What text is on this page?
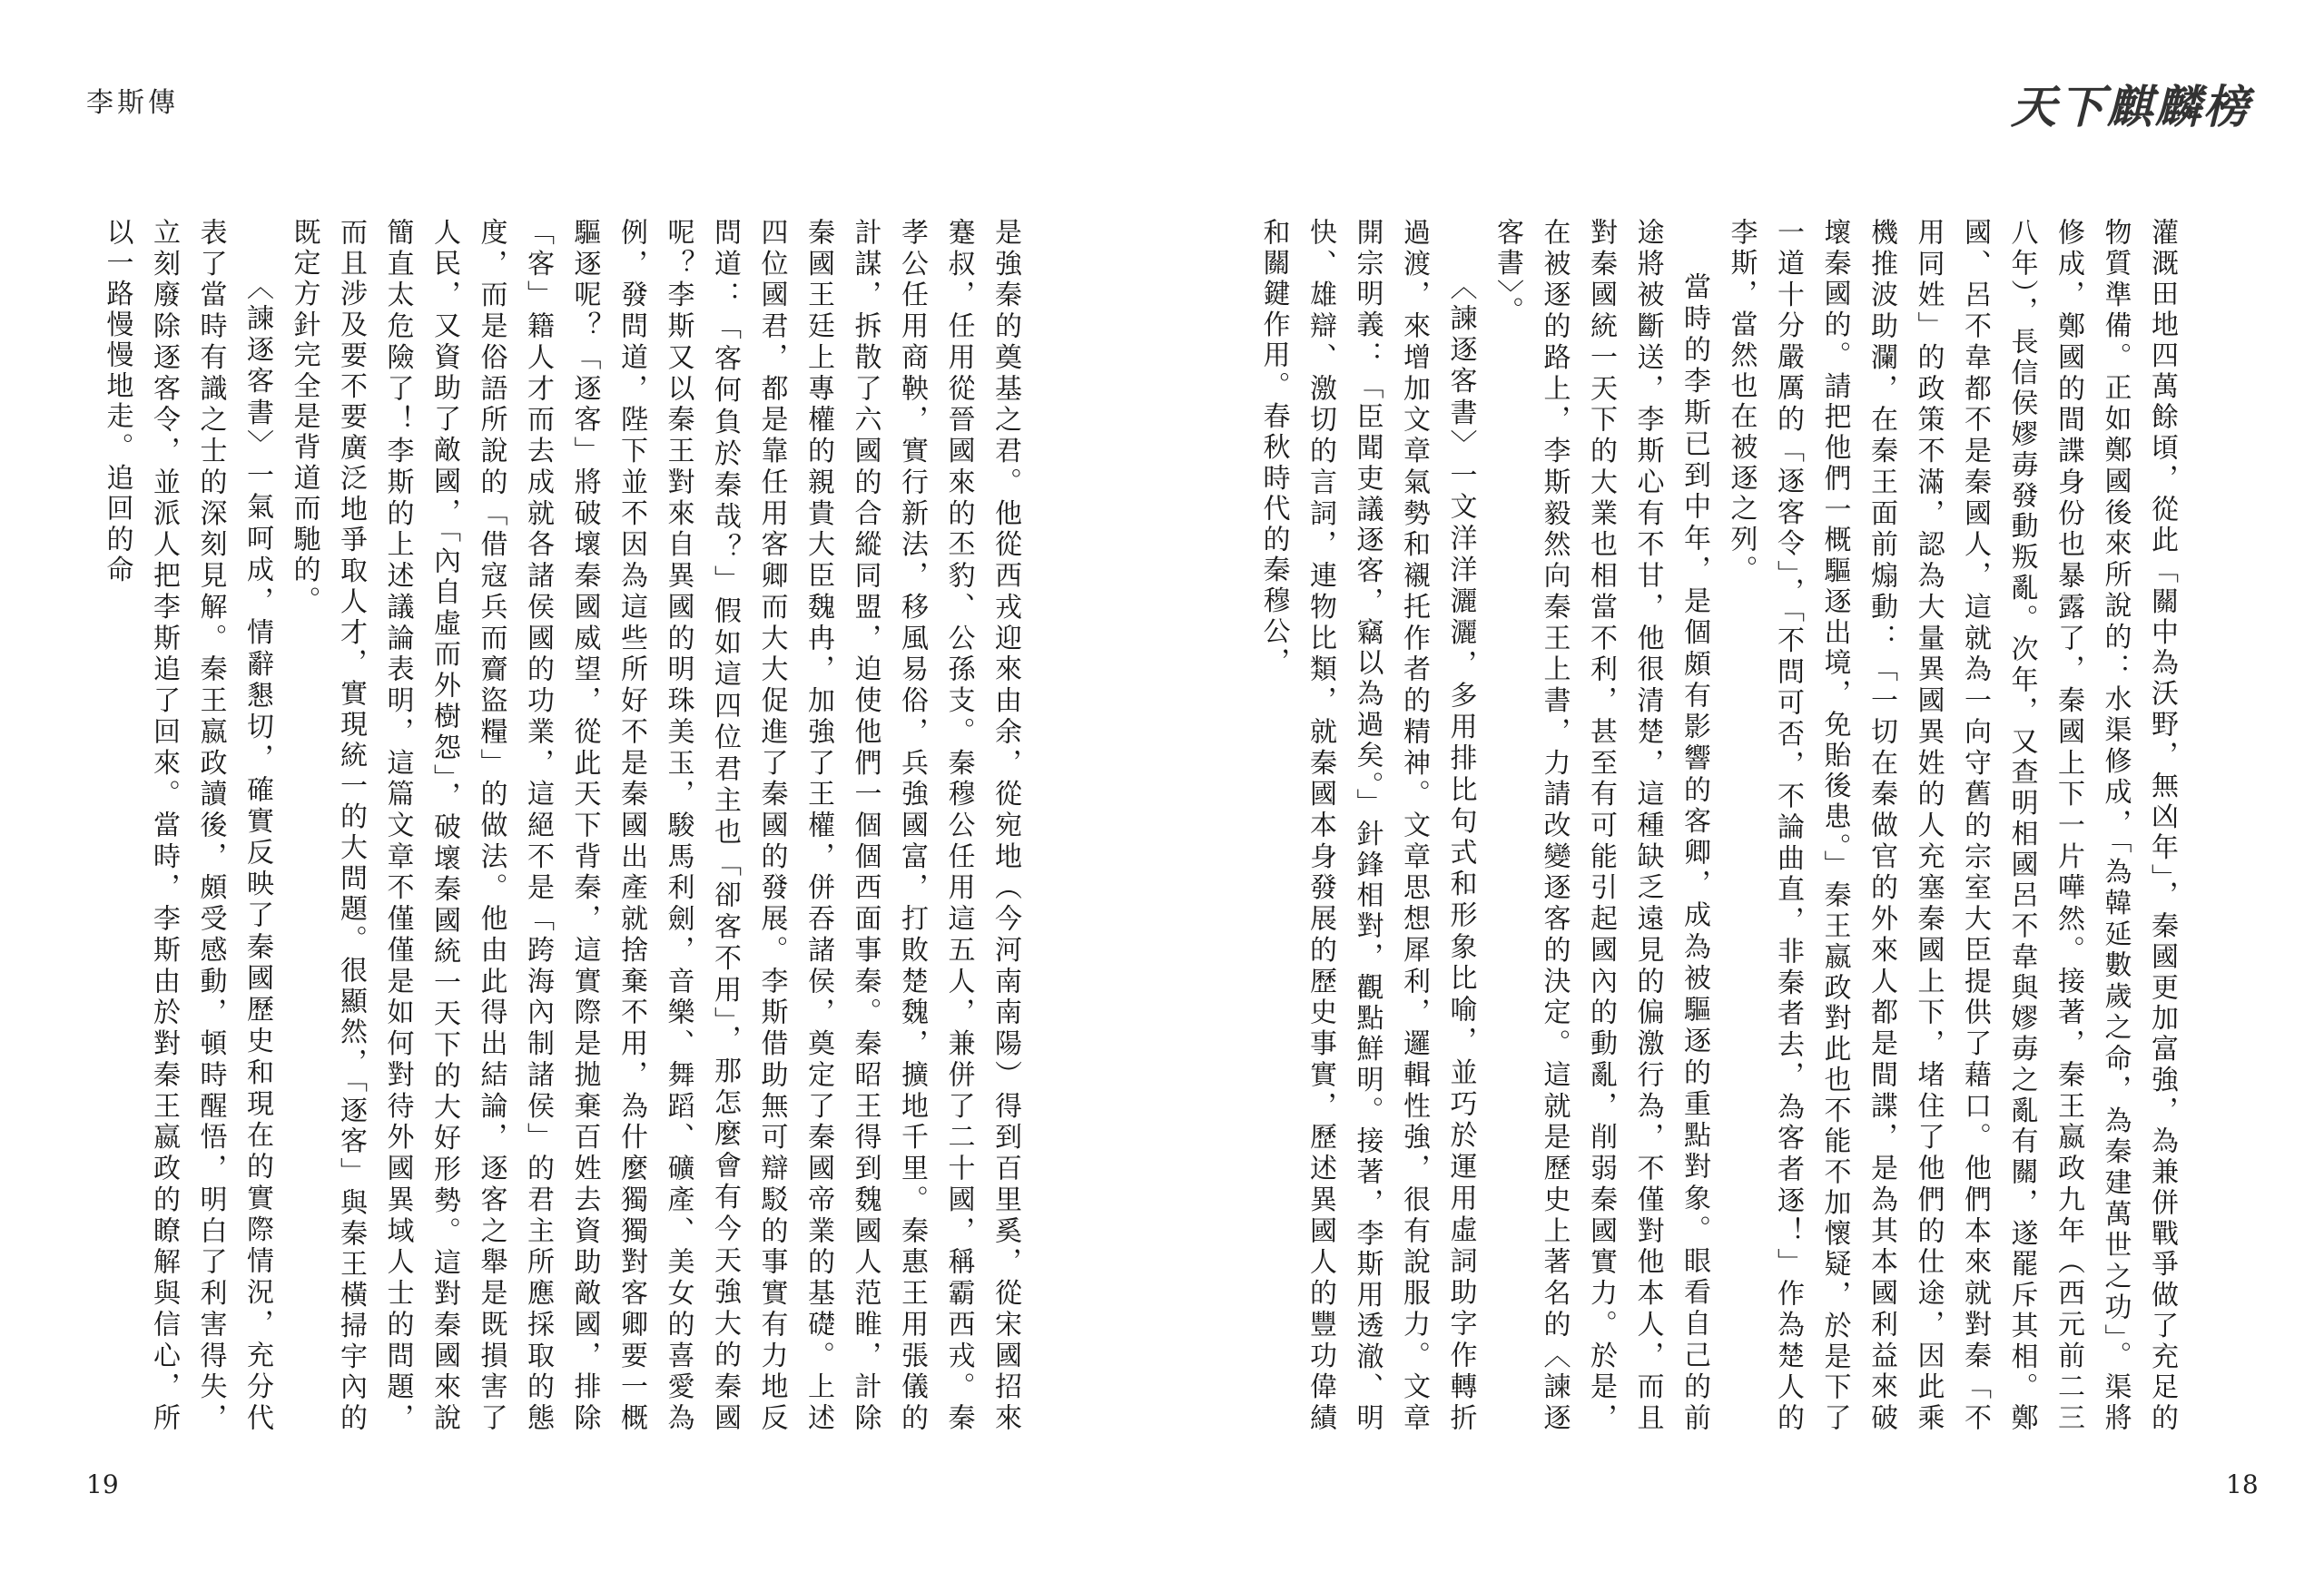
李斯傳

是強秦的奠基之君。他從西戎迎來由余，從宛地（今河南南陽）得到百里奚，從宋國招來蹇叔，任用從晉國來的丕豹、公孫支。秦穆公任用這五人，兼併了二十國，稱霸西戎。秦孝公任用商鞅，實行新法，移風易俗，兵強國富，打敗楚魏，擴地千里。秦惠王用張儀的計謀，拆散了六國的合縱同盟，迫使他們一個個西面事秦。秦昭王得到魏國人范睢，計除秦國王廷上專權的親貴大臣魏冉，加強了王權，併吞諸侯，奠定了秦國帝業的基礎。上述四位國君，都是靠任用客卿而大大促進了秦國的發展。李斯借助無可辯駁的事實有力地反問道：「客何負於秦哉？」假如這四位君主也「卻客不用」，那怎麼會有今天強大的秦國呢？李斯又以秦王對來自異國的明珠美玉，駿馬利劍，音樂、舞蹈、礦產、美女的喜愛為例，發問道，陛下並不因為這些所好不是秦國出產就捨棄不用，為什麼獨獨對客卿要一概驅逐呢？「逐客」將破壞秦國威望，從此天下背秦，這實際是拋棄百姓去資助敵國，排除「客」籍人才而去成就各諸侯國的功業，這絕不是「跨海內制諸侯」的君主所應採取的態度，而是俗語所說的「借寇兵而齎盜糧」的做法。他由此得出結論，逐客之舉是既損害了人民，又資助了敵國，「內自虛而外樹怨」，破壞秦國統一天下的大好形勢。這對秦國來說簡直太危險了！李斯的上述議論表明，這篇文章不僅僅是如何對待外國異域人士的問題，而且涉及要不要廣泛地爭取人才，實現統一的大問題。很顯然，「逐客」與秦王橫掃宇內的既定方針完全是背道而馳的。

〈諫逐客書〉一氣呵成，情辭懇切，確實反映了秦國歷史和現在的實際情況，充分代表了當時有識之士的深刻見解。秦王嬴政讀後，頗受感動，頓時醒悟，明白了利害得失，立刻廢除逐客令，並派人把李斯追了回來。當時，李斯由於對秦王嬴政的瞭解與信心，所以一路慢慢地走。追回的命

19
天下麒麟榜

灌溉田地四萬餘頃，從此「關中為沃野，無凶年」，秦國更加富強，為兼併戰爭做了充足的物質準備。正如鄭國後來所說的：水渠修成，「為韓延數歲之命，為秦建萬世之功」。渠將修成，鄭國的間諜身份也暴露了，秦國上下一片嘩然。接著，秦王嬴政九年（西元前二三八年），長信侯嫪毐發動叛亂。次年，又查明相國呂不韋與嫪毐之亂有關，遂罷斥其相。鄭國、呂不韋都不是秦國人，這就為一向守舊的宗室大臣提供了藉口。他們本來就對秦「不用同姓」的政策不滿，認為大量異國異姓的人充塞秦國上下，堵住了他們的仕途，因此乘機推波助瀾，在秦王面前煽動：「一切在秦做官的外來人都是間諜，是為其本國利益來破壞秦國的。請把他們一概驅逐出境，免貽後患。」秦王嬴政對此也不能不加懷疑，於是下了一道十分嚴厲的「逐客令」，「不問可否，不論曲直，非秦者去，為客者逐！」作為楚人的李斯，當然也在被逐之列。

當時的李斯已到中年，是個頗有影響的客卿，成為被驅逐的重點對象。眼看自己的前途將被斷送，李斯心有不甘，他很清楚，這種缺乏遠見的偏激行為，不僅對他本人，而且對秦國統一天下的大業也相當不利，甚至有可能引起國內的動亂，削弱秦國實力。於是，在被逐的路上，李斯毅然向秦王上書，力請改變逐客的決定。這就是歷史上著名的〈諫逐客書〉。

〈諫逐客書〉一文洋洋灑灑，多用排比句式和形象比喻，並巧於運用虛詞助字作轉折過渡，來增加文章氣勢和襯托作者的精神。文章思想犀利，邏輯性強，很有說服力。文章開宗明義：「臣聞吏議逐客，竊以為過矣。」針鋒相對，觀點鮮明。接著，李斯用透澈、明快、雄辯、激切的言詞，連物比類，就秦國本身發展的歷史事實，歷述異國人的豐功偉績和關鍵作用。春秋時代的秦穆公，

18
